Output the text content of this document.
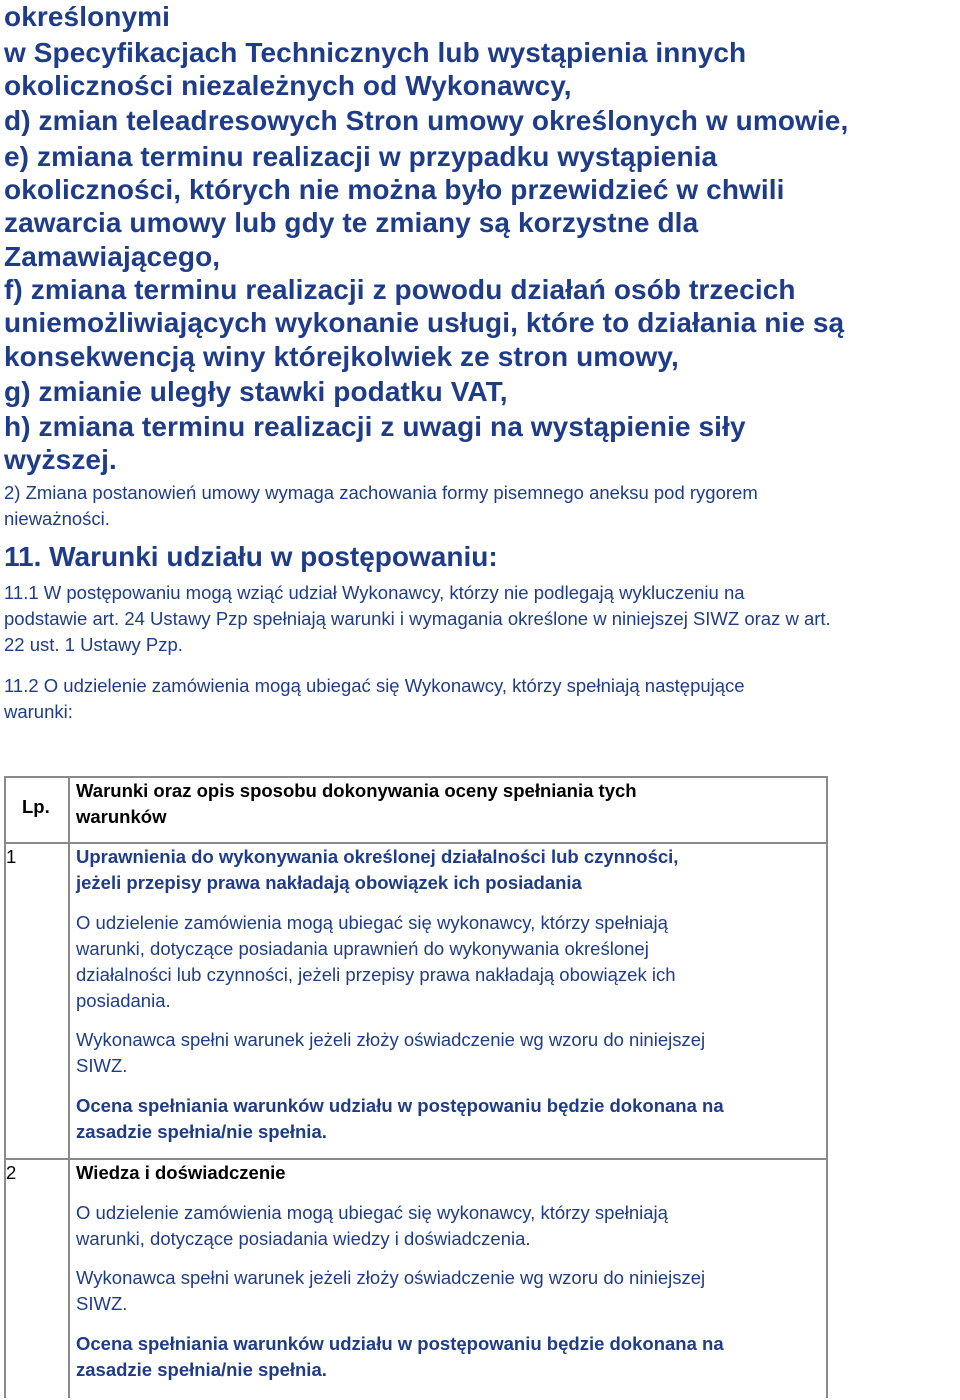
określonymi
w Specyfikacjach Technicznych lub wystąpienia innych
okoliczności niezależnych od Wykonawcy,
d) zmian teleadresowych Stron umowy określonych w umowie,
e) zmiana terminu realizacji w przypadku wystąpienia
okoliczności, których nie można było przewidzieć w chwili
zawarcia umowy lub gdy te zmiany są korzystne dla
Zamawiającego,
f) zmiana terminu realizacji z powodu działań osób trzecich
uniemożliwiających wykonanie usługi, które to działania nie są
konsekwencją winy którejkolwiek ze stron umowy,
g) zmianie uległy stawki podatku VAT,
h) zmiana terminu realizacji z uwagi na wystąpienie siły
wyższej.
2) Zmiana postanowień umowy wymaga zachowania formy pisemnego aneksu pod rygorem
nieważności.
11. Warunki udziału w postępowaniu:
11.1 W postępowaniu mogą wziąć udział Wykonawcy, którzy nie podlegają wykluczeniu na
podstawie art. 24 Ustawy Pzp spełniają warunki i wymagania określone w niniejszej SIWZ oraz w art.
22 ust. 1 Ustawy Pzp.
11.2 O udzielenie zamówienia mogą ubiegać się Wykonawcy, którzy spełniają następujące
warunki:
Lp.
Warunki oraz opis sposobu dokonywania oceny spełniania tych
warunków
1	Uprawnienia do wykonywania określonej działalności lub czynności,
jeżeli przepisy prawa nakładają obowiązek ich posiadania
O udzielenie zamówienia mogą ubiegać się wykonawcy, którzy spełniają
warunki, dotyczące posiadania uprawnień do wykonywania określonej
działalności lub czynności, jeżeli przepisy prawa nakładają obowiązek ich
posiadania.
Wykonawca spełni warunek jeżeli złoży oświadczenie wg wzoru do niniejszej
SIWZ.
Ocena spełniania warunków udziału w postępowaniu będzie dokonana na
zasadzie spełnia/nie spełnia.
2	Wiedza i doświadczenie
O udzielenie zamówienia mogą ubiegać się wykonawcy, którzy spełniają
warunki, dotyczące posiadania wiedzy i doświadczenia.
Wykonawca spełni warunek jeżeli złoży oświadczenie wg wzoru do niniejszej
SIWZ.
Ocena spełniania warunków udziału w postępowaniu będzie dokonana na
zasadzie spełnia/nie spełnia.
